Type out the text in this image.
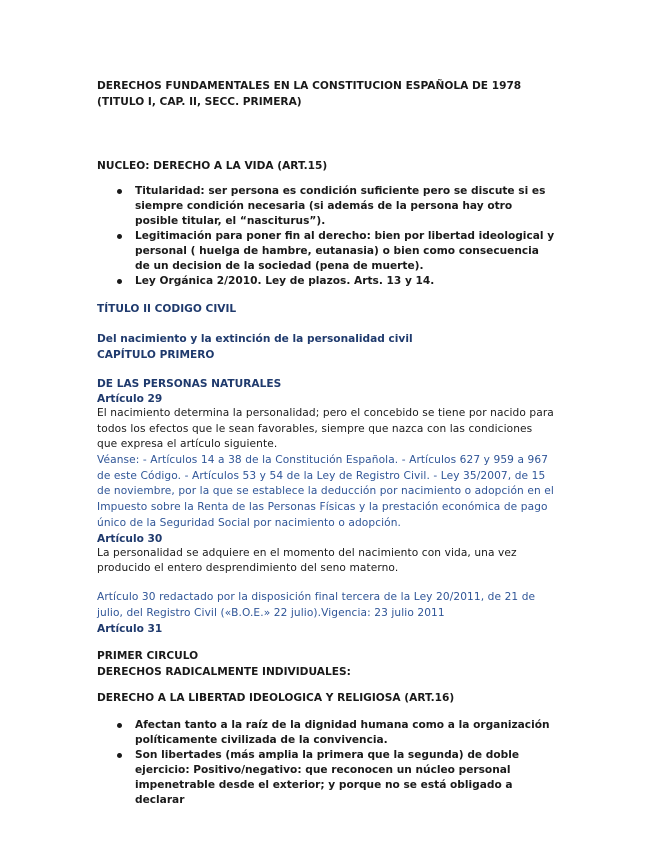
DERECHOS FUNDAMENTALES EN LA CONSTITUCION ESPAÑOLA DE 1978 (TITULO I, CAP. II, SECC. PRIMERA)

NUCLEO: DERECHO A LA VIDA (ART.15)

Titularidad: ser persona es condición suficiente pero se discute si es siempre condición necesaria (si además de la persona hay otro posible titular, el “nasciturus”).
Legitimación para poner fin al derecho: bien por libertad ideological y personal ( huelga de hambre, eutanasia) o bien como consecuencia de un decision de la sociedad (pena de muerte).
Ley Orgánica 2/2010. Ley de plazos. Arts. 13 y 14.

TÍTULO II CODIGO CIVIL

Del nacimiento y la extinción de la personalidad civil

CAPÍTULO PRIMERO

DE LAS PERSONAS NATURALES

Artículo 29

El nacimiento determina la personalidad; pero el concebido se tiene por nacido para todos los efectos que le sean favorables, siempre que nazca con las condiciones que expresa el artículo siguiente.

Véanse: - Artículos 14 a 38 de la Constitución Española. - Artículos 627 y 959 a 967 de este Código. - Artículos 53 y 54 de la Ley de Registro Civil. - Ley 35/2007, de 15 de noviembre, por la que se establece la deducción por nacimiento o adopción en el Impuesto sobre la Renta de las Personas Físicas y la prestación económica de pago único de la Seguridad Social por nacimiento o adopción.

Artículo 30

La personalidad se adquiere en el momento del nacimiento con vida, una vez producido el entero desprendimiento del seno materno.

Artículo 30 redactado por la disposición final tercera de la Ley 20/2011, de 21 de julio, del Registro Civil («B.O.E.» 22 julio).Vigencia: 23 julio 2011

Artículo 31

PRIMER CIRCULO

DERECHOS RADICALMENTE INDIVIDUALES:

DERECHO A LA LIBERTAD IDEOLOGICA Y RELIGIOSA (ART.16)

Afectan tanto a la raíz de la dignidad humana como a la organización políticamente civilizada de la convivencia.
Son libertades (más amplia la primera que la segunda) de doble ejercicio: Positivo/negativo: que reconocen un núcleo personal impenetrable desde el exterior; y porque no se está obligado a declarar
